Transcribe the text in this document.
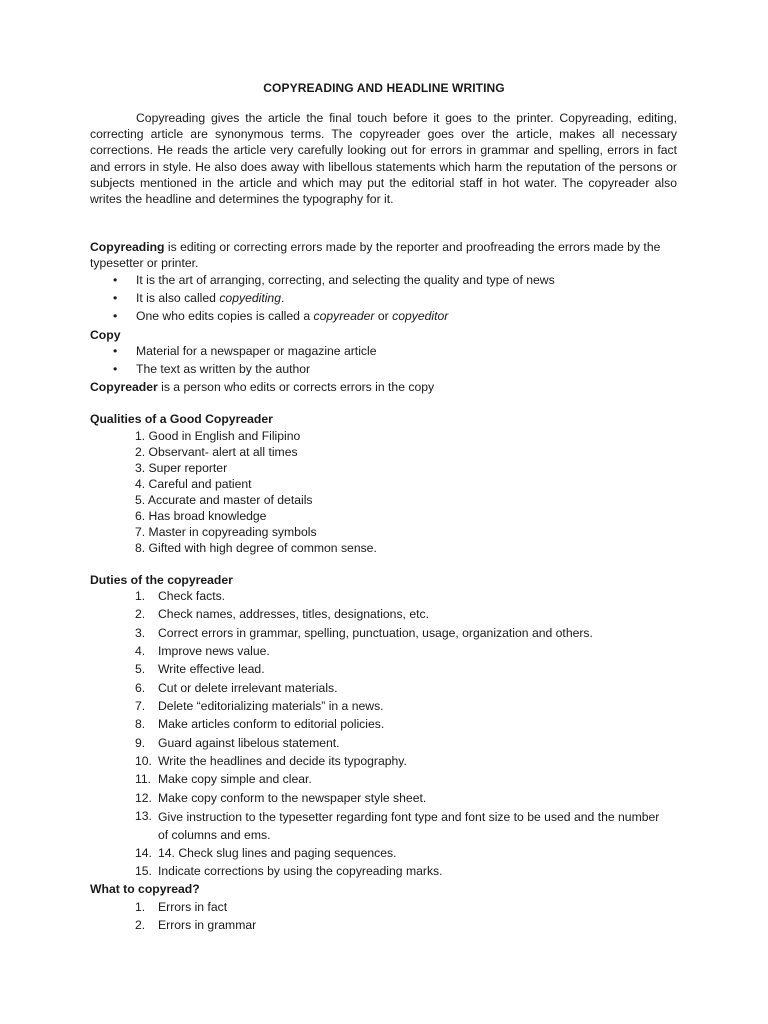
COPYREADING AND HEADLINE WRITING

Copyreading gives the article the final touch before it goes to the printer. Copyreading, editing, correcting article are synonymous terms. The copyreader goes over the article, makes all necessary corrections. He reads the article very carefully looking out for errors in grammar and spelling, errors in fact and errors in style. He also does away with libellous statements which harm the reputation of the persons or subjects mentioned in the article and which may put the editorial staff in hot water. The copyreader also writes the headline and determines the typography for it.

Copyreading is editing or correcting errors made by the reporter and proofreading the errors made by the typesetter or printer.

• It is the art of arranging, correcting, and selecting the quality and type of news
• It is also called copyediting.
• One who edits copies is called a copyreader or copyeditor
Copy
• Material for a newspaper or magazine article
• The text as written by the author
Copyreader is a person who edits or corrects errors in the copy
Qualities of a Good Copyreader
1. Good in English and Filipino
2. Observant- alert at all times
3. Super reporter
4. Careful and patient
5. Accurate and master of details
6. Has broad knowledge
7. Master in copyreading symbols
8. Gifted with high degree of common sense.
Duties of the copyreader
1. Check facts.
2. Check names, addresses, titles, designations, etc.
3. Correct errors in grammar, spelling, punctuation, usage, organization and others.
4. Improve news value.
5. Write effective lead.
6. Cut or delete irrelevant materials.
7. Delete “editorializing materials” in a news.
8. Make articles conform to editorial policies.
9. Guard against libelous statement.
10. Write the headlines and decide its typography.
11. Make copy simple and clear.
12. Make copy conform to the newspaper style sheet.
13. Give instruction to the typesetter regarding font type and font size to be used and the number of columns and ems.
14. 14. Check slug lines and paging sequences.
15. Indicate corrections by using the copyreading marks.
What to copyread?
1. Errors in fact
2. Errors in grammar
